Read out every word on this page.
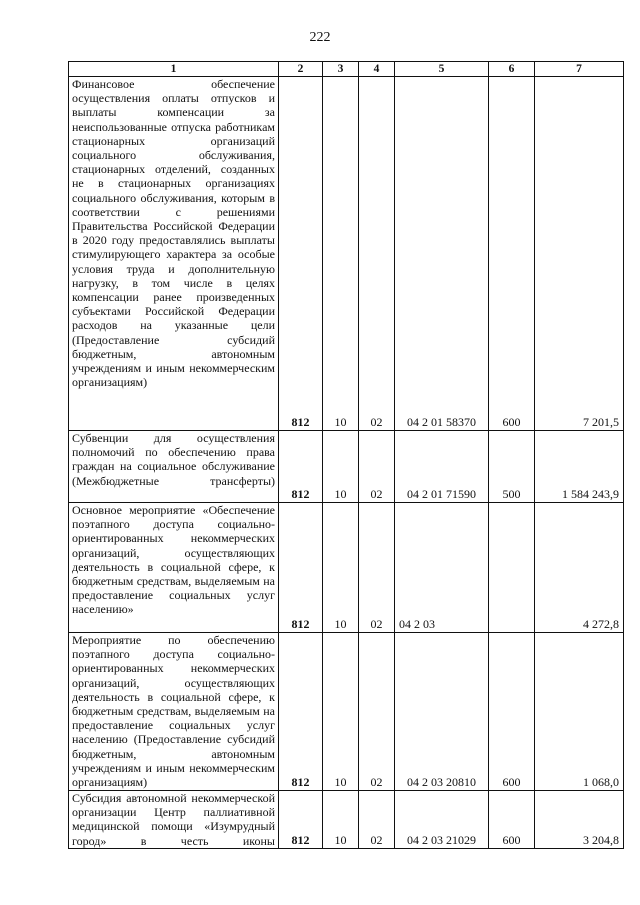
222
1	2	3	4	5	6	7
Финансовое обеспечение осуществления оплаты отпусков и выплаты компенсации за неиспользованные отпуска работникам стационарных организаций социального обслуживания, стационарных отделений, созданных не в стационарных организациях социального обслуживания, которым в соответствии с решениями Правительства Российской Федерации в 2020 году предоставлялись выплаты стимулирующего характера за особые условия труда и дополнительную нагрузку, в том числе в целях компенсации ранее произведенных субъектами Российской Федерации расходов на указанные цели (Предоставление субсидий бюджетным, автономным учреждениям и иным некоммерческим организациям)	812	10	02	04 2 01 58370	600	7 201,5

Субвенции для осуществления полномочий по обеспечению права граждан на социальное обслуживание (Межбюджетные трансферты)	812	10	02	04 2 01 71590	500	1 584 243,9

Основное мероприятие «Обеспечение поэтапного доступа социально-ориентированных некоммерческих организаций, осуществляющих деятельность в социальной сфере, к бюджетным средствам, выделяемым на предоставление социальных услуг населению»	812	10	02	04 2 03		4 272,8

Мероприятие по обеспечению поэтапного доступа социально-ориентированных некоммерческих организаций, осуществляющих деятельность в социальной сфере, к бюджетным средствам, выделяемым на предоставление социальных услуг населению (Предоставление субсидий бюджетным, автономным учреждениям и иным некоммерческим организациям)	812	10	02	04 2 03 20810	600	1 068,0

Субсидия автономной некоммерческой организации Центр паллиативной медицинской помощи «Изумрудный город» в честь иконы	812	10	02	04 2 03 21029	600	3 204,8
